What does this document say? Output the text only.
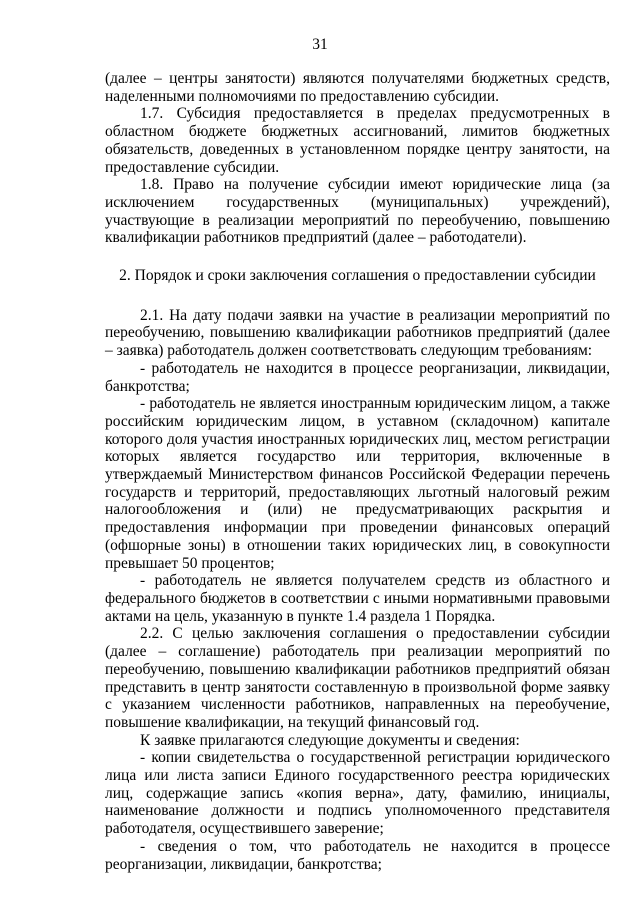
31

(далее – центры занятости) являются получателями бюджетных средств, наделенными полномочиями по предоставлению субсидии.

1.7. Субсидия предоставляется в пределах предусмотренных в областном бюджете бюджетных ассигнований, лимитов бюджетных обязательств, доведенных в установленном порядке центру занятости, на предоставление субсидии.

1.8. Право на получение субсидии имеют юридические лица (за исключением государственных (муниципальных) учреждений), участвующие в реализации мероприятий по переобучению, повышению квалификации работников предприятий (далее – работодатели).

2. Порядок и сроки заключения соглашения о предоставлении субсидии

2.1. На дату подачи заявки на участие в реализации мероприятий по переобучению, повышению квалификации работников предприятий (далее – заявка) работодатель должен соответствовать следующим требованиям:

- работодатель не находится в процессе реорганизации, ликвидации, банкротства;

- работодатель не является иностранным юридическим лицом, а также российским юридическим лицом, в уставном (складочном) капитале которого доля участия иностранных юридических лиц, местом регистрации которых является государство или территория, включенные в утверждаемый Министерством финансов Российской Федерации перечень государств и территорий, предоставляющих льготный налоговый режим налогообложения и (или) не предусматривающих раскрытия и предоставления информации при проведении финансовых операций (офшорные зоны) в отношении таких юридических лиц, в совокупности превышает 50 процентов;

- работодатель не является получателем средств из областного и федерального бюджетов в соответствии с иными нормативными правовыми актами на цель, указанную в пункте 1.4 раздела 1 Порядка.

2.2. С целью заключения соглашения о предоставлении субсидии (далее – соглашение) работодатель при реализации мероприятий по переобучению, повышению квалификации работников предприятий обязан представить в центр занятости составленную в произвольной форме заявку с указанием численности работников, направленных на переобучение, повышение квалификации, на текущий финансовый год.

К заявке прилагаются следующие документы и сведения:

- копии свидетельства о государственной регистрации юридического лица или листа записи Единого государственного реестра юридических лиц, содержащие запись «копия верна», дату, фамилию, инициалы, наименование должности и подпись уполномоченного представителя работодателя, осуществившего заверение;

- сведения о том, что работодатель не находится в процессе реорганизации, ликвидации, банкротства;
